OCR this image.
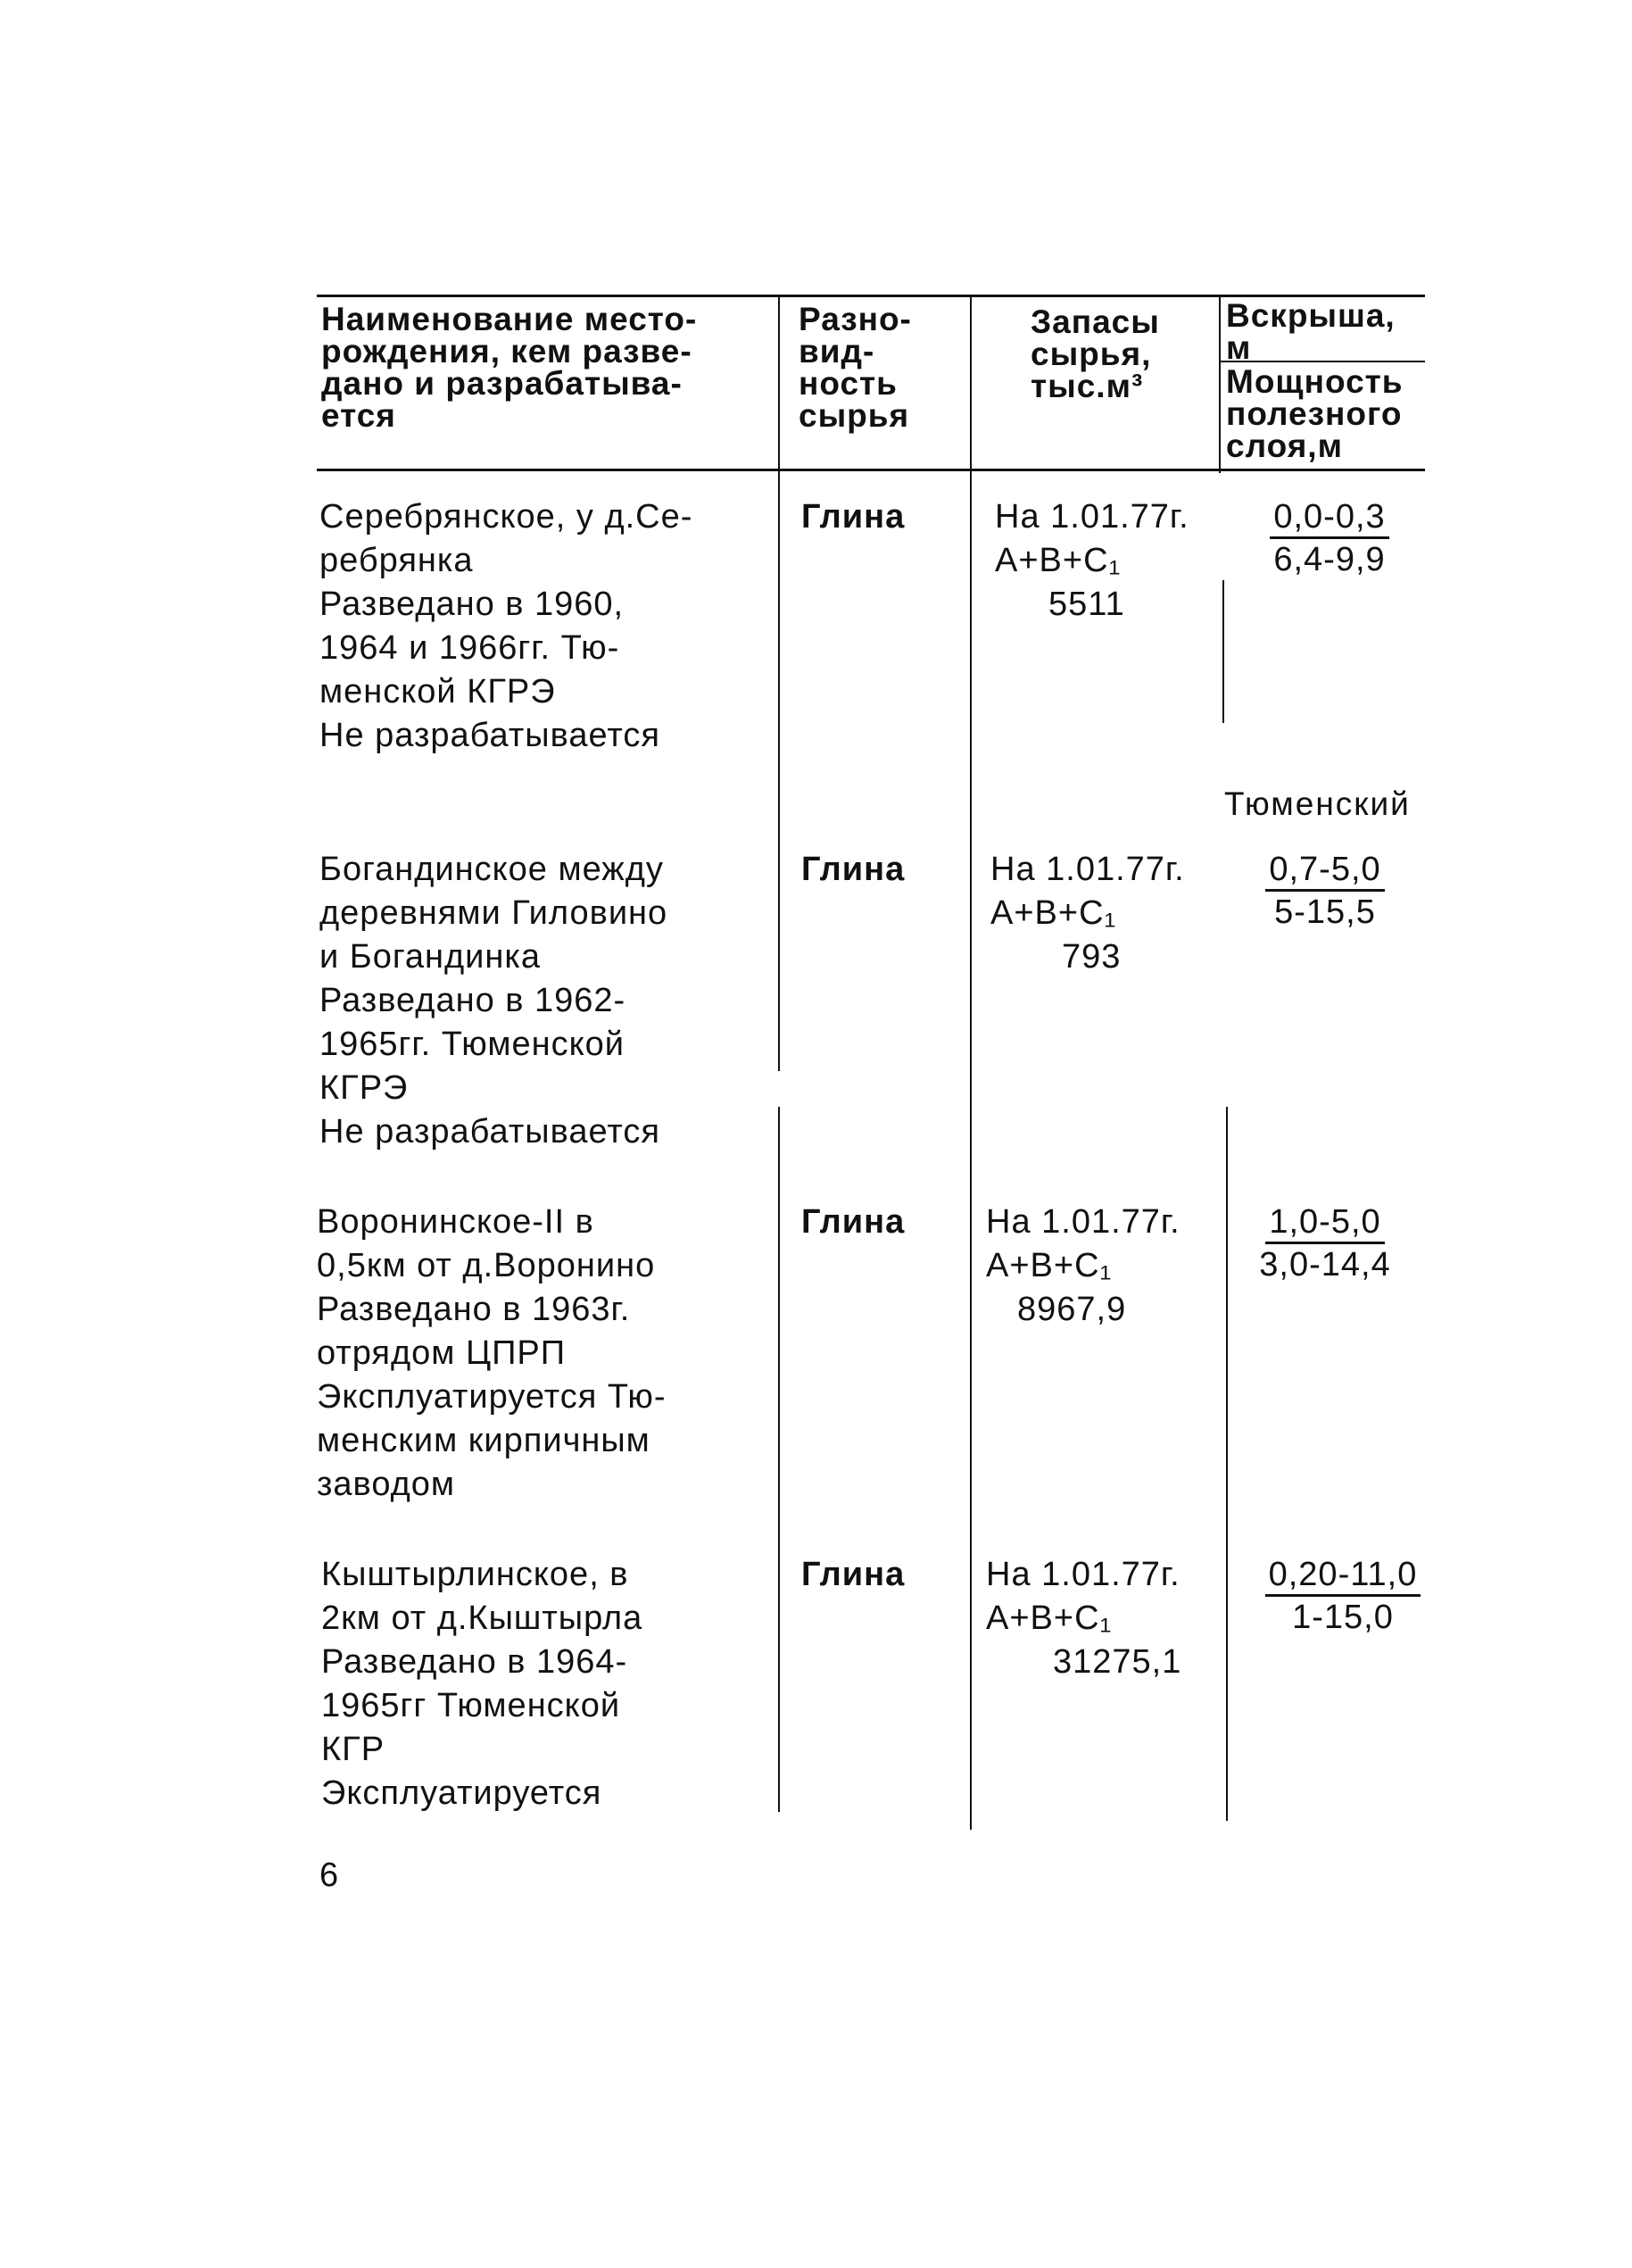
Наименование место-
рождения, кем разве-
дано и разрабатыва-
ется
Разно-
вид-
ность
сырья
Запасы
сырья,
тыс.м³
Вскрыша,
м
Мощность
полезного
слоя,м
Серебрянское, у д.Се-
ребрянка
Разведано в 1960,
1964 и 1966гг. Тю-
менской КГРЭ
Не разрабатывается
Глина	На 1.01.77г.
А+В+С₁
5511
$\frac{0,0-0,3}{6,4-9,9}$
Тюменский
Богандинское между
деревнями Гиловино
и Богандинка
Разведано в 1962-
1965гг. Тюменской
КГРЭ
Не разрабатывается
Глина	На 1.01.77г.
А+В+С₁
793
$\frac{0,7-5,0}{5-15,5}$
Воронинское-II в
0,5км от д.Воронино
Разведано в 1963г.
отрядом ЦПРП
Эксплуатируется Тю-
менским кирпичным
заводом
Глина На 1.01.77г.
А+В+С₁
8967,9
$\frac{1,0-5,0}{3,0-14,4}$
Кыштырлинское, в
2км от д.Кыштырла
Разведано в 1964-
1965гг Тюменской
КГР
Эксплуатируется
Глина На 1.01.77г.
А+В+С₁
31275,1
$\frac{0,20-11,0}{1-15,0}$
6
